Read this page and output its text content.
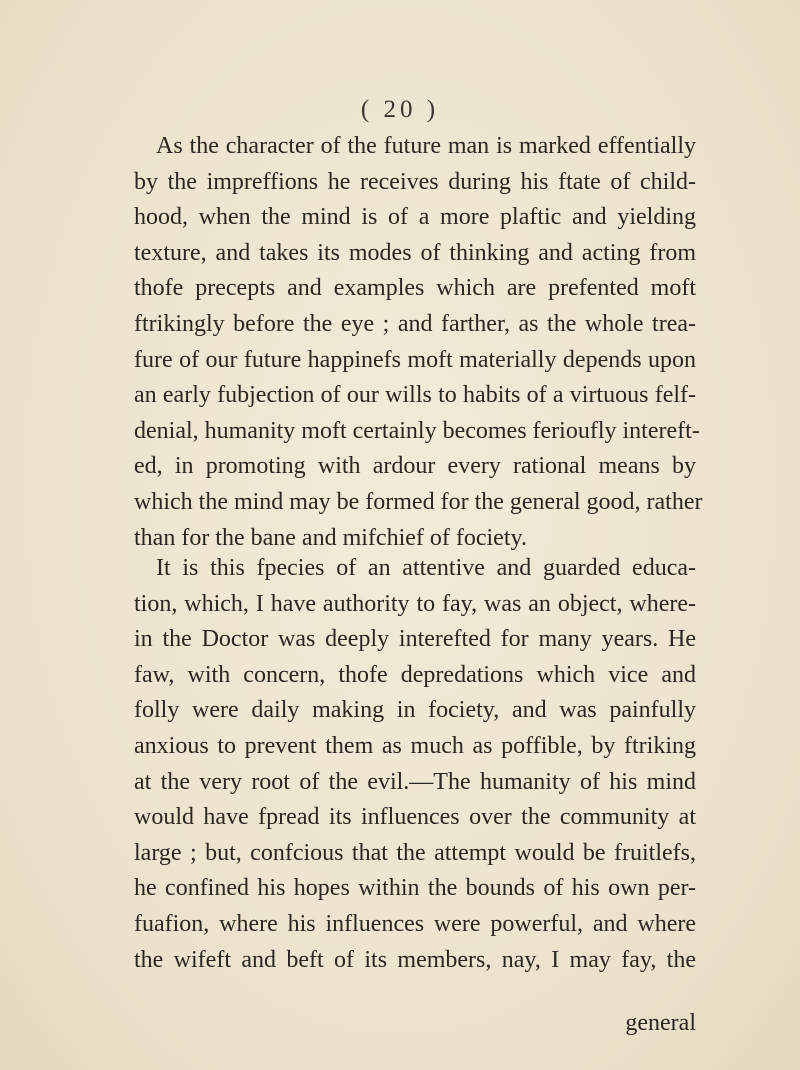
( 20 )
As the character of the future man is marked effentially
by the impreffions he receives during his ftate of child-
hood, when the mind is of a more plaftic and yielding
texture, and takes its modes of thinking and acting from
thofe precepts and examples which are prefented moft
ftrikingly before the eye ; and farther, as the whole trea-
fure of our future happinefs moft materially depends upon
an early fubjection of our wills to habits of a virtuous felf-
denial, humanity moft certainly becomes ferioufly intereft-
ed, in promoting with ardour every rational means by
which the mind may be formed for the general good, rather
than for the bane and mifchief of fociety.
It is this fpecies of an attentive and guarded educa-
tion, which, I have authority to fay, was an object, where-
in the Doctor was deeply interefted for many years. He
faw, with concern, thofe depredations which vice and
folly were daily making in fociety, and was painfully
anxious to prevent them as much as poffible, by ftriking
at the very root of the evil.—The humanity of his mind
would have fpread its influences over the community at
large ; but, confcious that the attempt would be fruitlefs,
he confined his hopes within the bounds of his own per-
fuafion, where his influences were powerful, and where
the wifeft and beft of its members, nay, I may fay, the
general
